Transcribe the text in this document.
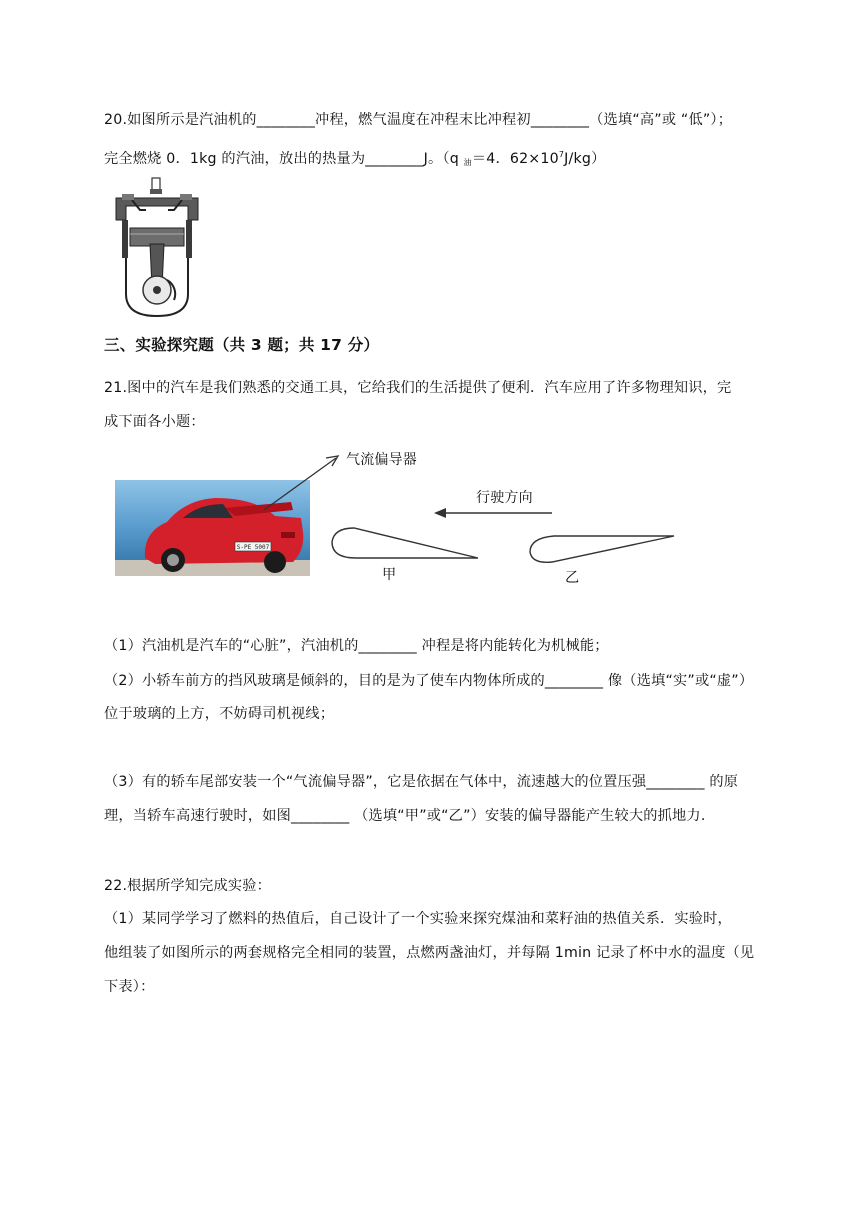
20.如图所示是汽油机的________冲程，燃气温度在冲程末比冲程初________（选填“高”或 “低”）；
完全燃烧 0．1kg 的汽油，放出的热量为________J。（q $_油$＝4．$62\times 10^7J/kg$）
三、实验探究题（共 3 题；共 17 分）
21.图中的汽车是我们熟悉的交通工具，它给我们的生活提供了便利．汽车应用了许多物理知识，完
成下面各小题：
S-PE 5007
气流偏导器
行驶方向
甲	乙
（1）汽油机是汽车的“心脏”，汽油机的________ 冲程是将内能转化为机械能；
（2）小轿车前方的挡风玻璃是倾斜的，目的是为了使车内物体所成的________ 像（选填“实”或“虚”）
位于玻璃的上方，不妨碍司机视线；
（3）有的轿车尾部安装一个“气流偏导器”，它是依据在气体中，流速越大的位置压强________ 的原
理，当轿车高速行驶时，如图________ （选填“甲”或“乙”）安装的偏导器能产生较大的抓地力.
22.根据所学知完成实验：
（1）某同学学习了燃料的热值后，自己设计了一个实验来探究煤油和菜籽油的热值关系．实验时，
他组装了如图所示的两套规格完全相同的装置，点燃两盏油灯，并每隔 1min 记录了杯中水的温度（见
下表）：
